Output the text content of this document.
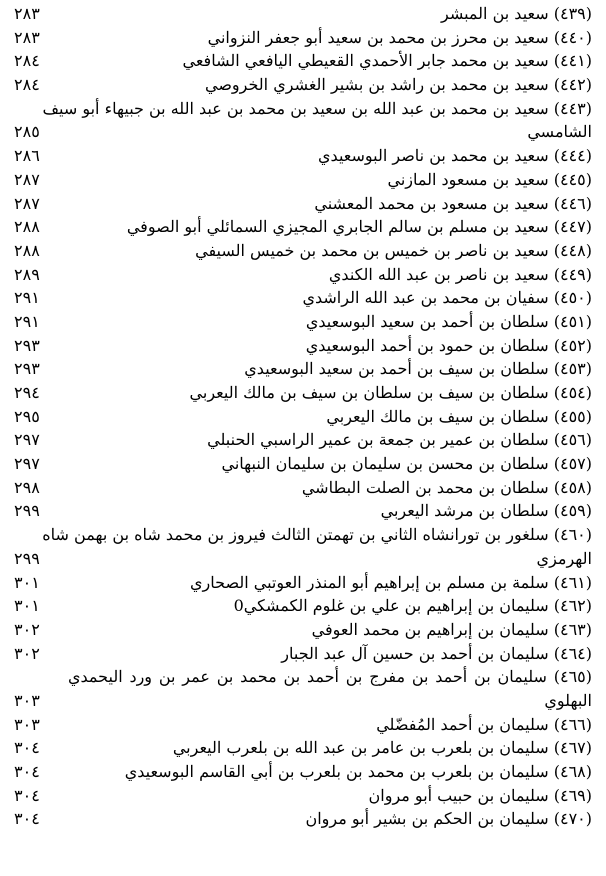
(٤٣٩) سعيد بن المبشر
٢٨٣
(٤٤٠) سعيد بن محرز بن محمد بن سعيد أبو جعفر النزواني
٢٨٣
(٤٤١) سعيد بن محمد جابر الأحمدي القعيطي اليافعي الشافعي
٢٨٤
(٤٤٢) سعيد بن محمد بن راشد بن بشير الغشري الخروصي
٢٨٤
(٤٤٣) سعيد بن محمد بن عبد الله بن سعيد بن محمد بن عبد الله بن جبيهاء أبو سيف
الشامسي
٢٨٥
(٤٤٤) سعيد بن محمد بن ناصر البوسعيدي
٢٨٦
(٤٤٥) سعيد بن مسعود المازني
٢٨٧
(٤٤٦) سعيد بن مسعود بن محمد المعشني
٢٨٧
(٤٤٧) سعيد بن مسلم بن سالم الجابري المجيزي السمائلي أبو الصوفي
٢٨٨
(٤٤٨) سعيد بن ناصر بن خميس بن محمد بن خميس السيفي
٢٨٨
(٤٤٩) سعيد بن ناصر بن عبد الله الكندي
٢٨٩
(٤٥٠) سفيان بن محمد بن عبد الله الراشدي
٢٩١
(٤٥١) سلطان بن أحمد بن سعيد البوسعيدي
٢٩١
(٤٥٢) سلطان بن حمود بن أحمد البوسعيدي
٢٩٣
(٤٥٣) سلطان بن سيف بن أحمد بن سعيد البوسعيدي
٢٩٣
(٤٥٤) سلطان بن سيف بن سلطان بن سيف بن مالك اليعربي
٢٩٤
(٤٥٥) سلطان بن سيف بن مالك اليعربي
٢٩٥
(٤٥٦) سلطان بن عمير بن جمعة بن عمير الراسبي الحنبلي
٢٩٧
(٤٥٧) سلطان بن محسن بن سليمان بن سليمان النبهاني
٢٩٧
(٤٥٨) سلطان بن محمد بن الصلت البطاشي
٢٩٨
(٤٥٩) سلطان بن مرشد اليعربي
٢٩٩
(٤٦٠) سلغور بن تورانشاه الثاني بن تهمتن الثالث فيروز بن محمد شاه بن بهمن شاه
الهرمزي
٢٩٩
(٤٦١) سلمة بن مسلم بن إبراهيم أبو المنذر العوتبي الصحاري
٣٠١
(٤٦٢) سليمان بن إبراهيم بن علي بن غلوم الكمشكي0
٣٠١
(٤٦٣) سليمان بن إبراهيم بن محمد العوفي
٣٠٢
(٤٦٤) سليمان بن أحمد بن حسين آل عبد الجبار
٣٠٢
(٤٦٥) سليمان بن أحمد بن مفرج بن أحمد بن محمد بن عمر بن ورد اليحمدي
البهلوي
٣٠٣
(٤٦٦) سليمان بن أحمد المُفضّلي
٣٠٣
(٤٦٧) سليمان بن بلعرب بن عامر بن عبد الله بن بلعرب اليعربي
٣٠٤
(٤٦٨) سليمان بن بلعرب بن محمد بن بلعرب بن أبي القاسم البوسعيدي
٣٠٤
(٤٦٩) سليمان بن حبيب أبو مروان
٣٠٤
(٤٧٠) سليمان بن الحكم بن بشير أبو مروان
٣٠٤
